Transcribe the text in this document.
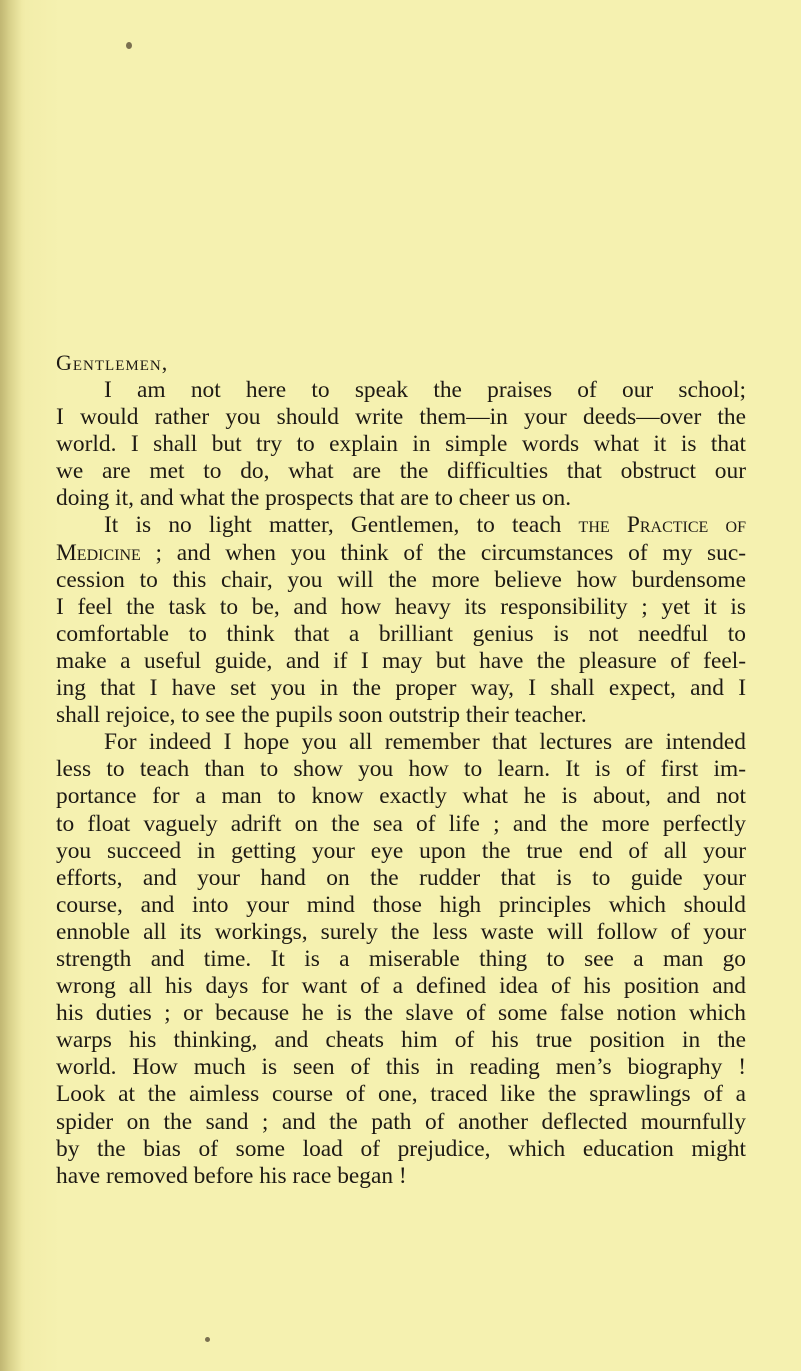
Gentlemen,
I am not here to speak the praises of our school;
I would rather you should write them—in your deeds—over the
world. I shall but try to explain in simple words what it is that
we are met to do, what are the difficulties that obstruct our
doing it, and what the prospects that are to cheer us on.
It is no light matter, Gentlemen, to teach the Practice of
Medicine ; and when you think of the circumstances of my suc-
cession to this chair, you will the more believe how burdensome
I feel the task to be, and how heavy its responsibility ; yet it is
comfortable to think that a brilliant genius is not needful to
make a useful guide, and if I may but have the pleasure of feel-
ing that I have set you in the proper way, I shall expect, and I
shall rejoice, to see the pupils soon outstrip their teacher.
For indeed I hope you all remember that lectures are intended
less to teach than to show you how to learn. It is of first im-
portance for a man to know exactly what he is about, and not
to float vaguely adrift on the sea of life ; and the more perfectly
you succeed in getting your eye upon the true end of all your
efforts, and your hand on the rudder that is to guide your
course, and into your mind those high principles which should
ennoble all its workings, surely the less waste will follow of your
strength and time. It is a miserable thing to see a man go
wrong all his days for want of a defined idea of his position and
his duties ; or because he is the slave of some false notion which
warps his thinking, and cheats him of his true position in the
world. How much is seen of this in reading men’s biography !
Look at the aimless course of one, traced like the sprawlings of a
spider on the sand ; and the path of another deflected mournfully
by the bias of some load of prejudice, which education might
have removed before his race began !
